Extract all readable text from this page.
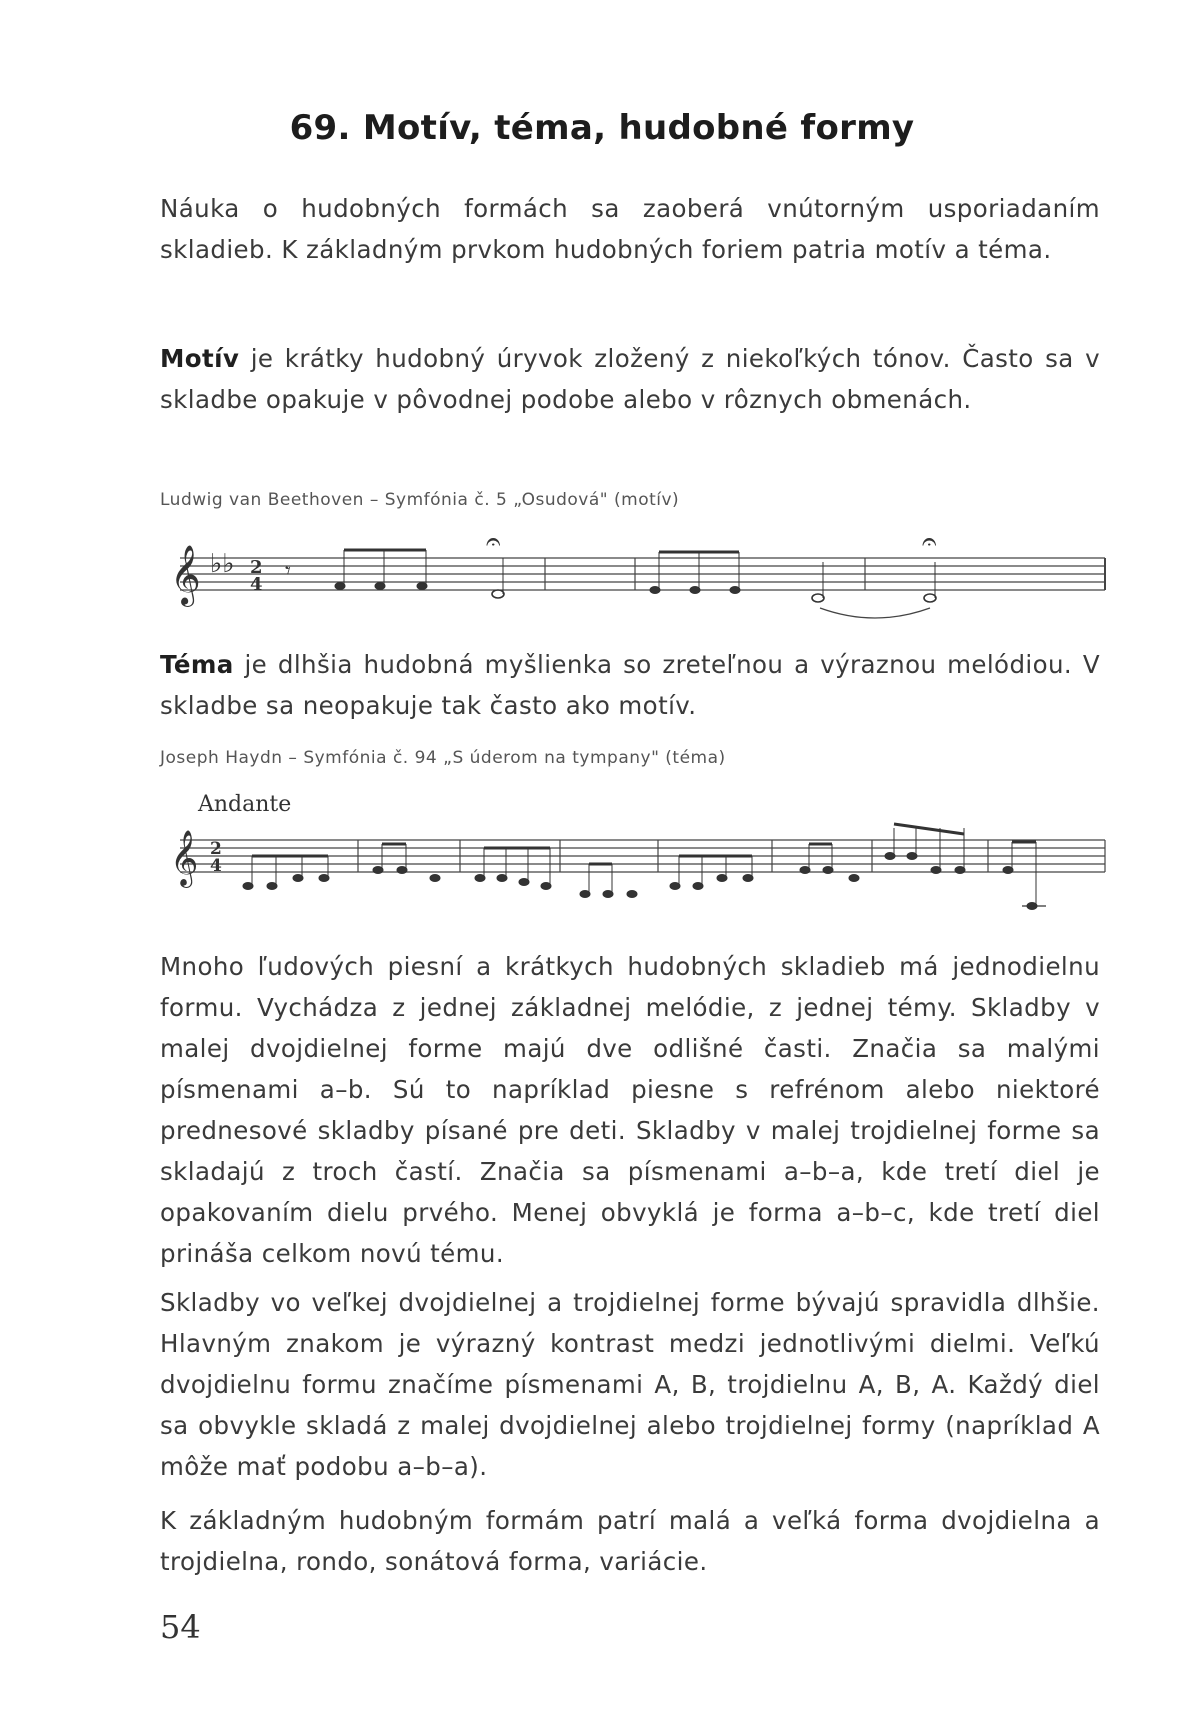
69. Motív, téma, hudobné formy
Náuka o hudobných formách sa zaoberá vnútorným usporiadaním skladieb. K základným prvkom hudobných foriem patria motív a téma.
Motív je krátky hudobný úryvok zložený z niekoľkých tónov. Často sa v skladbe opakuje v pôvodnej podobe alebo v rôznych obmenách.
Ludwig van Beethoven – Symfónia č. 5 „Osudová" (motív)
𝄞 ♭♭ 2
4
𝄾
𝄐	𝄐
Téma je dlhšia hudobná myšlienka so zreteľnou a výraznou melódiou. V skladbe sa neopakuje tak často ako motív.
Joseph Haydn – Symfónia č. 94 „S úderom na tympany" (téma)
Andante
𝄞 2
4
Mnoho ľudových piesní a krátkych hudobných skladieb má jednodielnu formu. Vychádza z jednej základnej melódie, z jednej témy. Skladby v malej dvojdielnej forme majú dve odlišné časti. Značia sa malými písmenami a–b. Sú to napríklad piesne s refrénom alebo niektoré prednesové skladby písané pre deti. Skladby v malej trojdielnej forme sa skladajú z troch častí. Značia sa písmenami a–b–a, kde tretí diel je opakovaním dielu prvého. Menej obvyklá je forma a–b–c, kde tretí diel prináša celkom novú tému.
Skladby vo veľkej dvojdielnej a trojdielnej forme bývajú spravidla dlhšie. Hlavným znakom je výrazný kontrast medzi jednotlivými dielmi. Veľkú dvojdielnu formu značíme písmenami A, B, trojdielnu A, B, A. Každý diel sa obvykle skladá z malej dvojdielnej alebo trojdielnej formy (napríklad A môže mať podobu a–b–a).
K základným hudobným formám patrí malá a veľká forma dvojdielna a trojdielna, rondo, sonátová forma, variácie.
54
